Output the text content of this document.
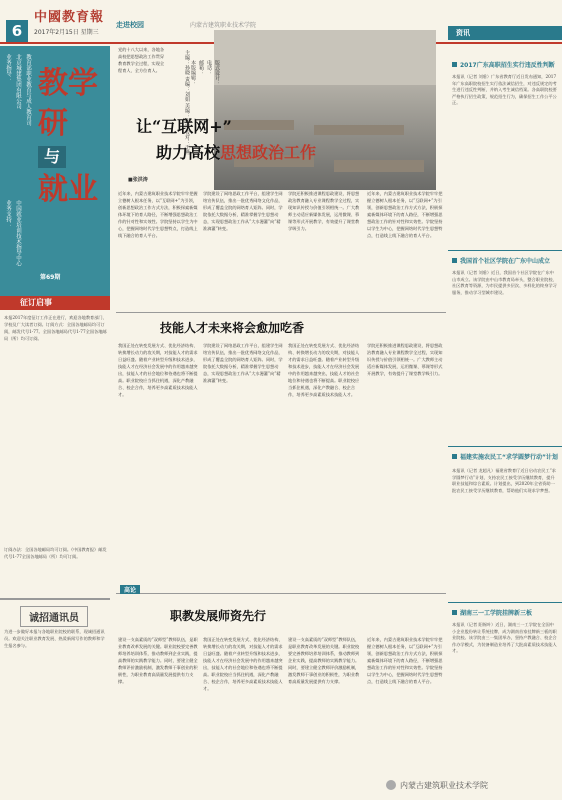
6
中國教育報
2017年2月15日 星期三
走进校园	内蒙古建筑职业技术学院
资讯
业务指导： 北京城建集团有限公司 教育部职业教育与成人教育司
业务支持： 中国就业培训技术指导中心
教学研
与
就业
第69期
征订启事
本报2017年度征订工作正在进行，欢迎各地教育部门、学校及广大读者订阅。订阅方式：全国各地邮局均可订阅，邮发代号1-77。全国各地邮局代号1-77全国各地邮局（所）均可订阅。
订阅办法：全国各地邮局均可订阅。《中国教育报》邮发代号1-77全国各地邮局（所）均可订阅。
诚招通讯员
为进一步做好本报与各地职业院校的联系，现诚招通讯员。欢迎关注职业教育发展、热爱新闻写作的教师和学生报名参与。
党的十八大以来，各地各高校把思想政治工作贯穿教育教学全过程，实现全程育人、全方位育人。	主编：孙晓 责编：刘娟 美编：张雪 校对：王燕
让“互联网+”
助力高校思想政治工作
■张洪涛
近年来，内蒙古建筑职业技术学院牢牢把握立德树人根本任务，以“互联网+”为引领，创新思想政治工作方式方法，积极探索新媒体环境下的育人路径，不断增强思想政治工作的针对性和实效性。学院坚持以学生为中心，把握网络时代学生思想特点，打造线上线下融合的育人平台。
学院建设了网络思政工作平台，组建学生网络宣传队伍，推出一批优秀网络文化作品，形成了覆盖全院的网络育人矩阵。同时，学院依托大数据分析，精准掌握学生思想动态，实现思想政治工作从“大水漫灌”向“精准滴灌”转变。
学院还积极推进课程思政建设，将思想政治教育融入专业课程教学全过程，实现知识传授与价值引领相统一。广大教师主动适应新媒体发展，运用微课、慕课等形式开展教学，有效提升了课堂教学吸引力。
近年来，内蒙古建筑职业技术学院牢牢把握立德树人根本任务，以“互联网+”为引领，创新思想政治工作方式方法，积极探索新媒体环境下的育人路径，不断增强思想政治工作的针对性和实效性。学院坚持以学生为中心，把握网络时代学生思想特点，打造线上线下融合的育人平台。
技能人才未来将会愈加吃香
我国正处在转变发展方式、优化经济结构、转换增长动力的攻关期，对技能人才的需求日益旺盛。随着产业转型升级和技术进步，技能人才在经济社会发展中的作用越来越突出，技能人才的社会地位和待遇也将不断提高。职业院校应当抓住机遇，深化产教融合、校企合作，培养更多高素质技术技能人才。
学院建设了网络思政工作平台，组建学生网络宣传队伍，推出一批优秀网络文化作品，形成了覆盖全院的网络育人矩阵。同时，学院依托大数据分析，精准掌握学生思想动态，实现思想政治工作从“大水漫灌”向“精准滴灌”转变。
我国正处在转变发展方式、优化经济结构、转换增长动力的攻关期，对技能人才的需求日益旺盛。随着产业转型升级和技术进步，技能人才在经济社会发展中的作用越来越突出，技能人才的社会地位和待遇也将不断提高。职业院校应当抓住机遇，深化产教融合、校企合作，培养更多高素质技术技能人才。
学院还积极推进课程思政建设，将思想政治教育融入专业课程教学全过程，实现知识传授与价值引领相统一。广大教师主动适应新媒体发展，运用微课、慕课等形式开展教学，有效提升了课堂教学吸引力。
高论
职教发展师资先行
建设一支高素质的“双师型”教师队伍，是职业教育改革发展的关键。职业院校要完善教师培养培训体系，推动教师到企业实践，提高教师的实践教学能力。同时，要建立健全教师评价激励机制，激发教师干事创业的积极性，为职业教育高质量发展提供有力支撑。
我国正处在转变发展方式、优化经济结构、转换增长动力的攻关期，对技能人才的需求日益旺盛。随着产业转型升级和技术进步，技能人才在经济社会发展中的作用越来越突出，技能人才的社会地位和待遇也将不断提高。职业院校应当抓住机遇，深化产教融合、校企合作，培养更多高素质技术技能人才。
建设一支高素质的“双师型”教师队伍，是职业教育改革发展的关键。职业院校要完善教师培养培训体系，推动教师到企业实践，提高教师的实践教学能力。同时，要建立健全教师评价激励机制，激发教师干事创业的积极性，为职业教育高质量发展提供有力支撑。
近年来，内蒙古建筑职业技术学院牢牢把握立德树人根本任务，以“互联网+”为引领，创新思想政治工作方式方法，积极探索新媒体环境下的育人路径，不断增强思想政治工作的针对性和实效性。学院坚持以学生为中心，把握网络时代学生思想特点，打造线上线下融合的育人平台。
2017广东高职招生实行违反性判断
本报讯（记者 刘盾）广东省教育厅近日发布通知，2017年广东高职院校招生实行依法诚信招生，对违反规定的考生进行违反性判断，并纳入考生诚信档案。各高职院校要严格执行招生政策，规范招生行为，确保招生工作公平公正。
我国首个社区学院在广东中山成立
本报讯（记者 刘盾）近日，我国首个社区学院在广东中山市成立。该学院由中山市教育局牵头，整合职业院校、社区教育等资源，为市民提供多层次、多样化的终身学习服务，推动学习型城市建设。
福建实施农民工“求学圆梦行动”计划
本报讯（记者 龙超凡）福建省教育厅近日启动农民工“求学圆梦行动”计划，支持农民工接受学历继续教育，提升职业技能和综合素质。计划提出，到2020年全省资助一批农民工接受学历继续教育，帮助他们实现求学梦想。
湖南三一工学院挂牌新三板
本报讯（记者 阳锡叶）近日，湖南三一工学院在全国中小企业股份转让系统挂牌，成为湖南首家挂牌新三板的职业院校。该学院由三一集团举办，坚持产教融合、校企合作办学模式，为装备制造业培养了大批高素质技术技能人才。
内蒙古建筑职业技术学院
本版编辑： 邮箱： 电话： 版式设计：
